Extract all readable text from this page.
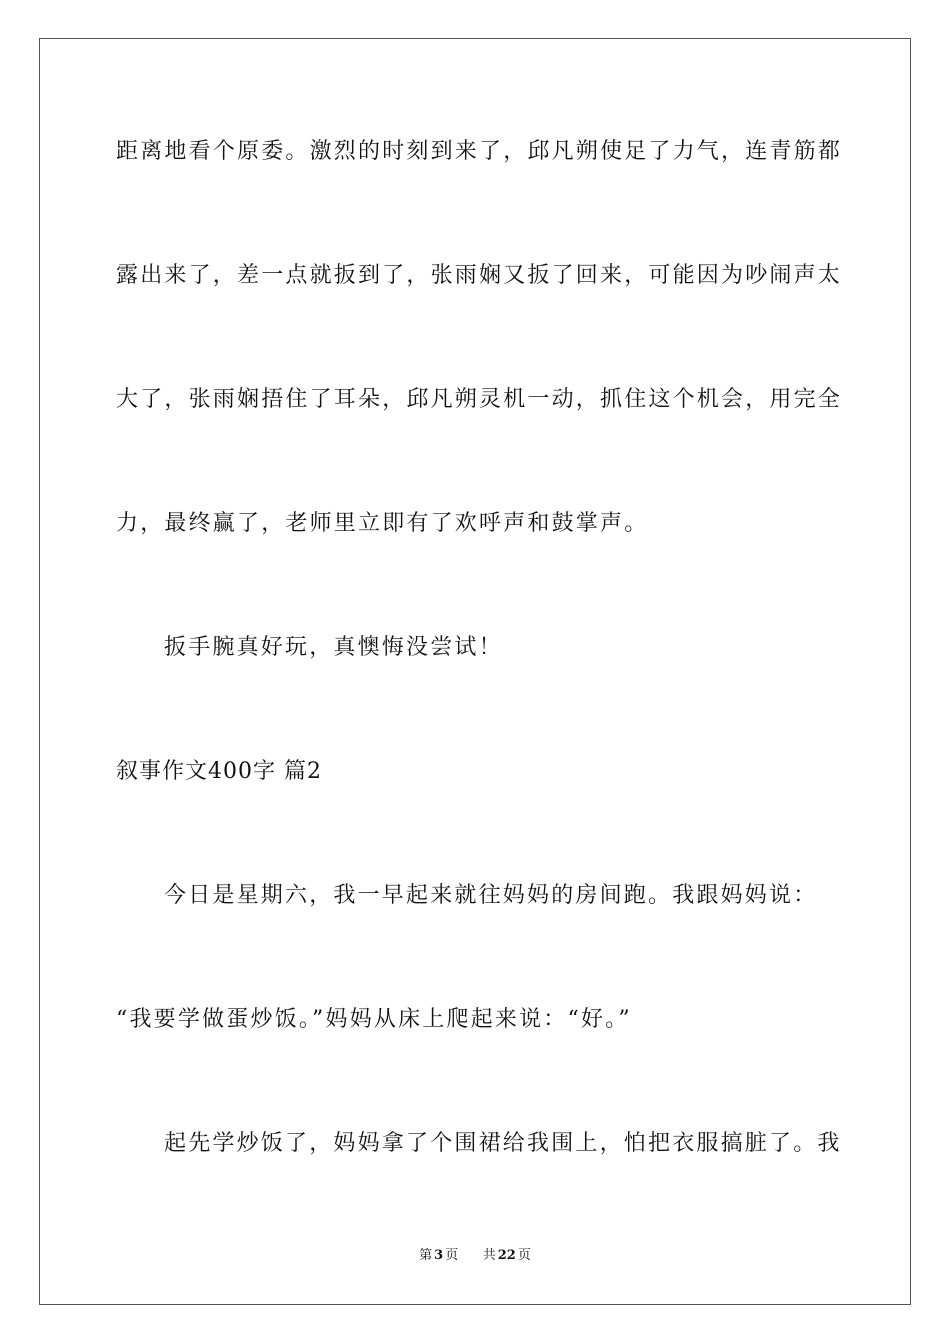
距离地看个原委。激烈的时刻到来了，邱凡朔使足了力气，连青筋都
露出来了，差一点就扳到了，张雨娴又扳了回来，可能因为吵闹声太
大了，张雨娴捂住了耳朵，邱凡朔灵机一动，抓住这个机会，用完全
力，最终赢了，老师里立即有了欢呼声和鼓掌声。
扳手腕真好玩，真懊悔没尝试！
叙事作文400字 篇2
今日是星期六，我一早起来就往妈妈的房间跑。我跟妈妈说：
“我要学做蛋炒饭。”妈妈从床上爬起来说：“好。”
起先学炒饭了，妈妈拿了个围裙给我围上，怕把衣服搞脏了。我
第 3 页 共 22 页
